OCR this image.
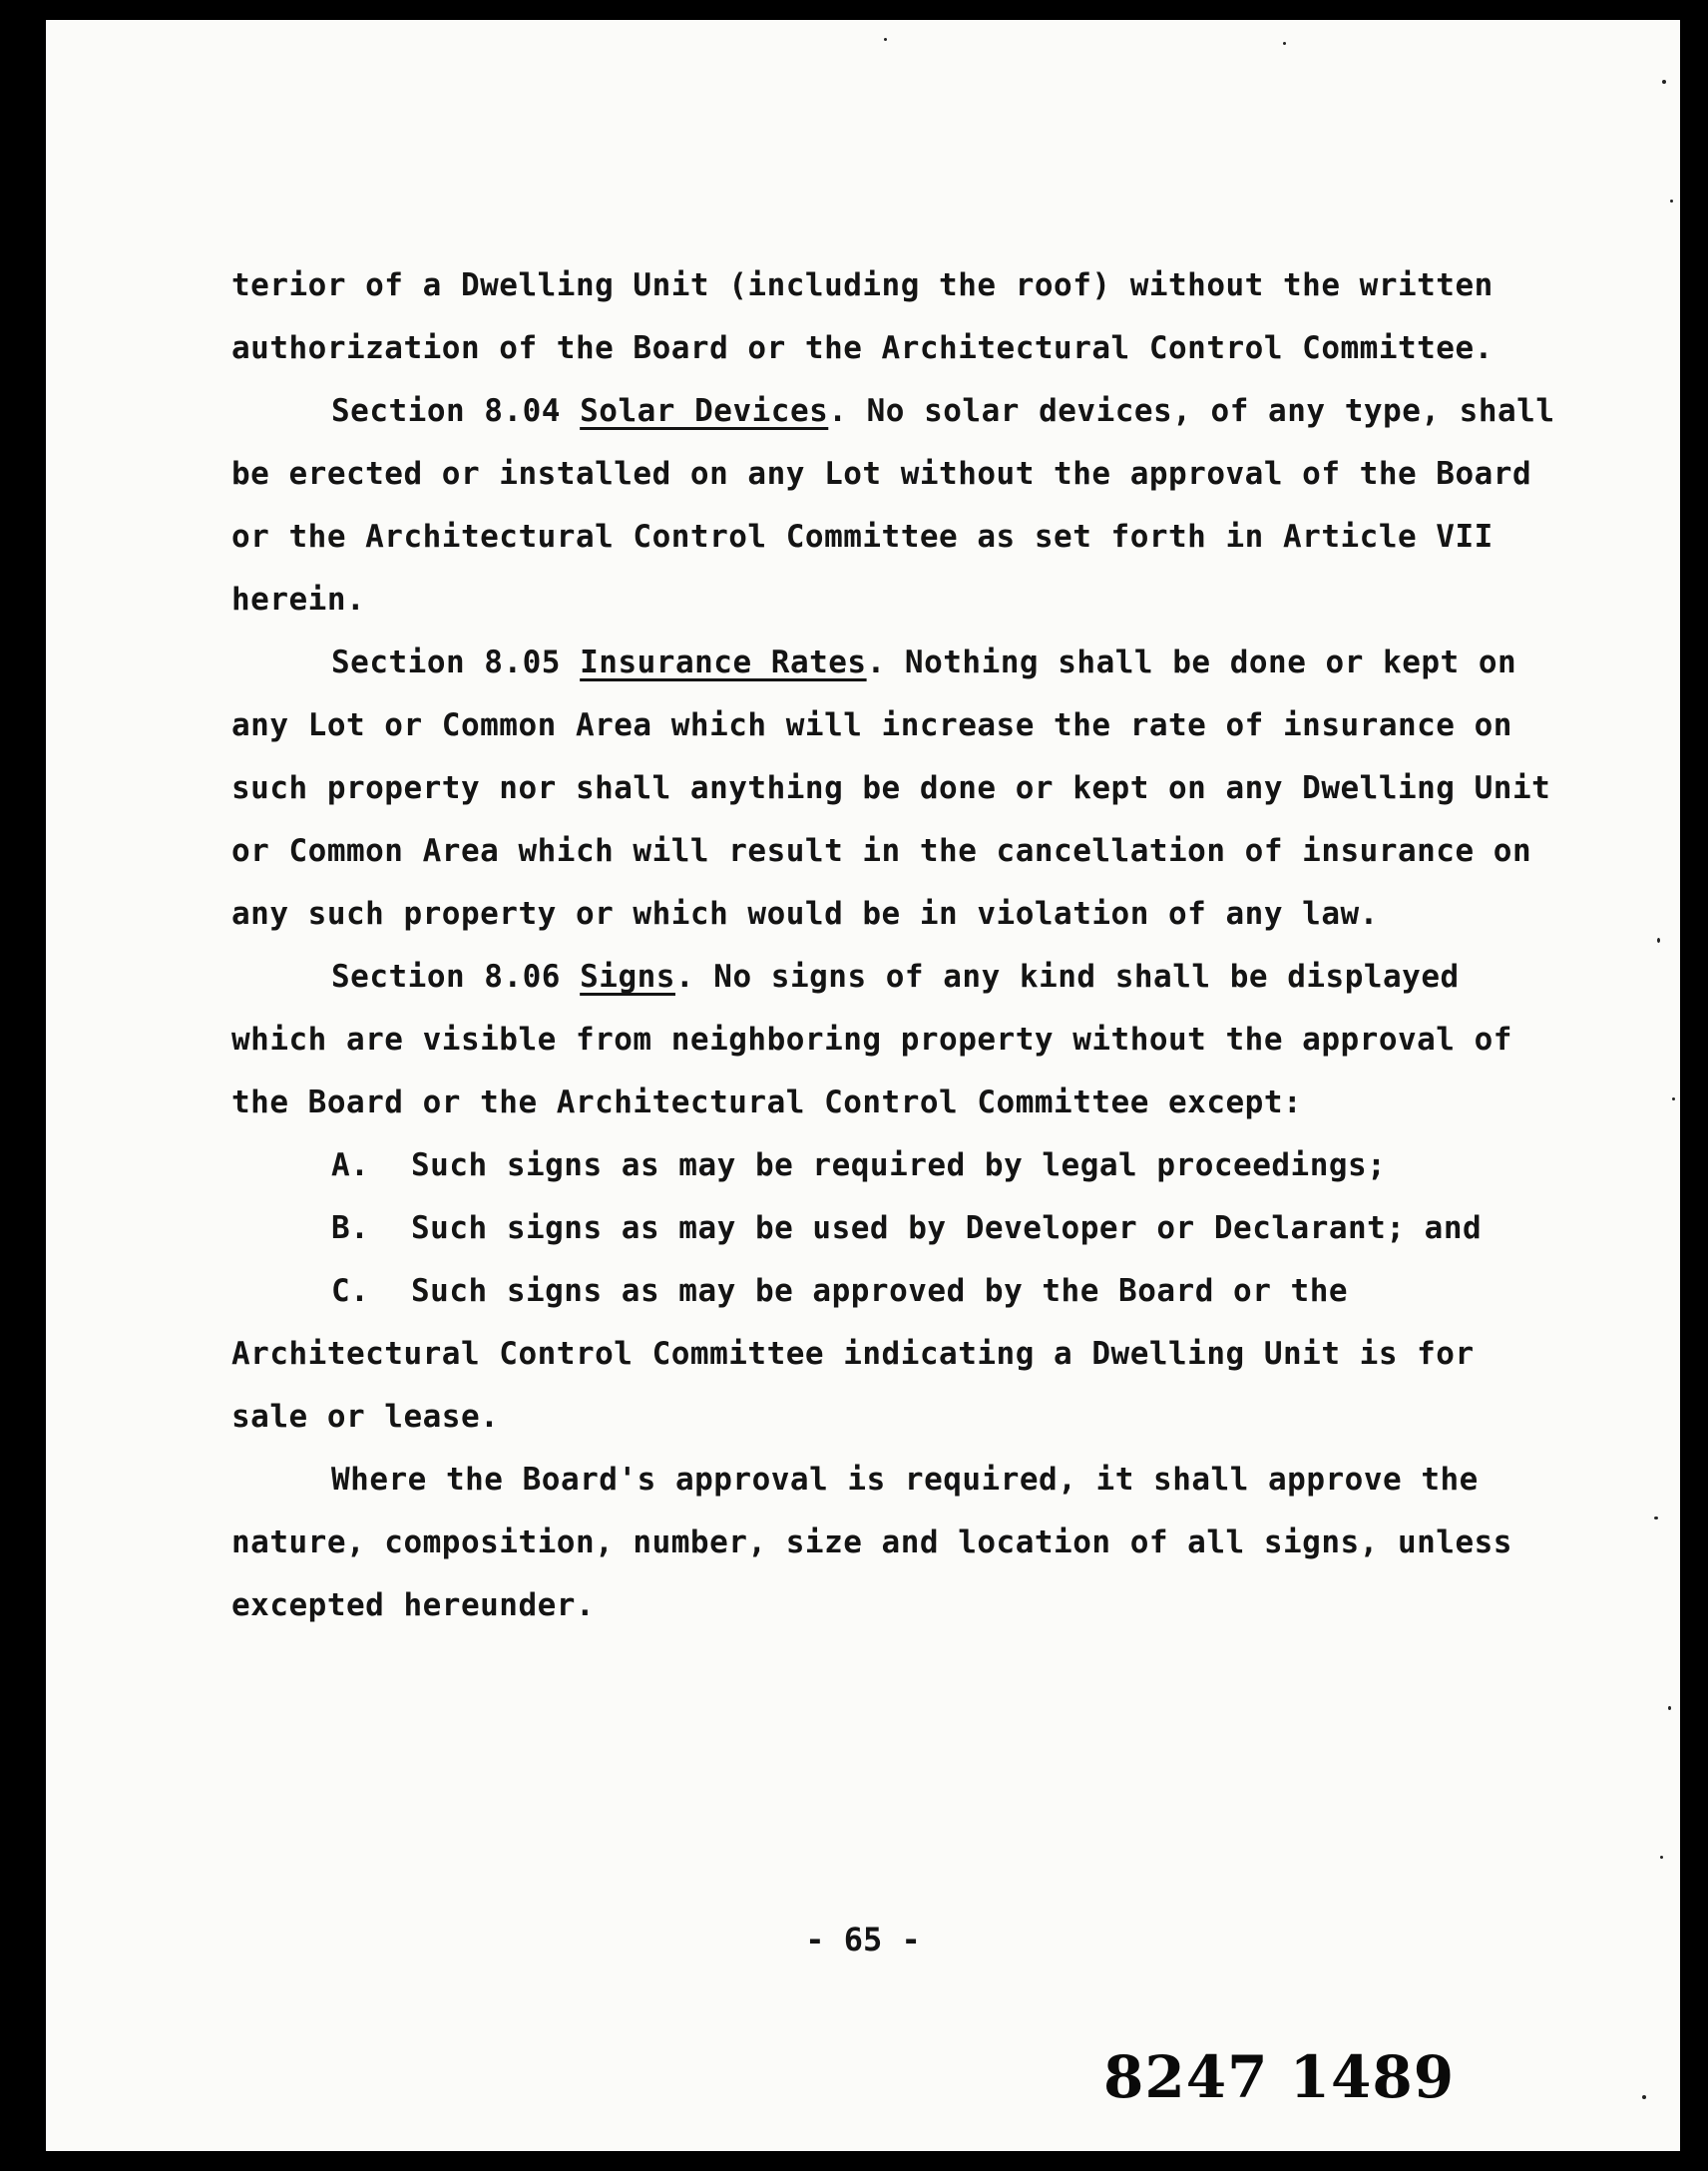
terior of a Dwelling Unit (including the roof) without the written authorization of the Board or the Architectural Control Committee.

Section 8.04 Solar Devices. No solar devices, of any type, shall be erected or installed on any Lot without the approval of the Board or the Architectural Control Committee as set forth in Article VII herein.

Section 8.05 Insurance Rates. Nothing shall be done or kept on any Lot or Common Area which will increase the rate of insurance on such property nor shall anything be done or kept on any Dwelling Unit or Common Area which will result in the cancellation of insurance on any such property or which would be in violation of any law.

Section 8.06 Signs. No signs of any kind shall be displayed which are visible from neighboring property without the approval of the Board or the Architectural Control Committee except:

A. Such signs as may be required by legal proceedings;

B. Such signs as may be used by Developer or Declarant; and

C. Such signs as may be approved by the Board or the Architectural Control Committee indicating a Dwelling Unit is for sale or lease.

Where the Board's approval is required, it shall approve the nature, composition, number, size and location of all signs, unless excepted hereunder.

- 65 -
8247 1489
